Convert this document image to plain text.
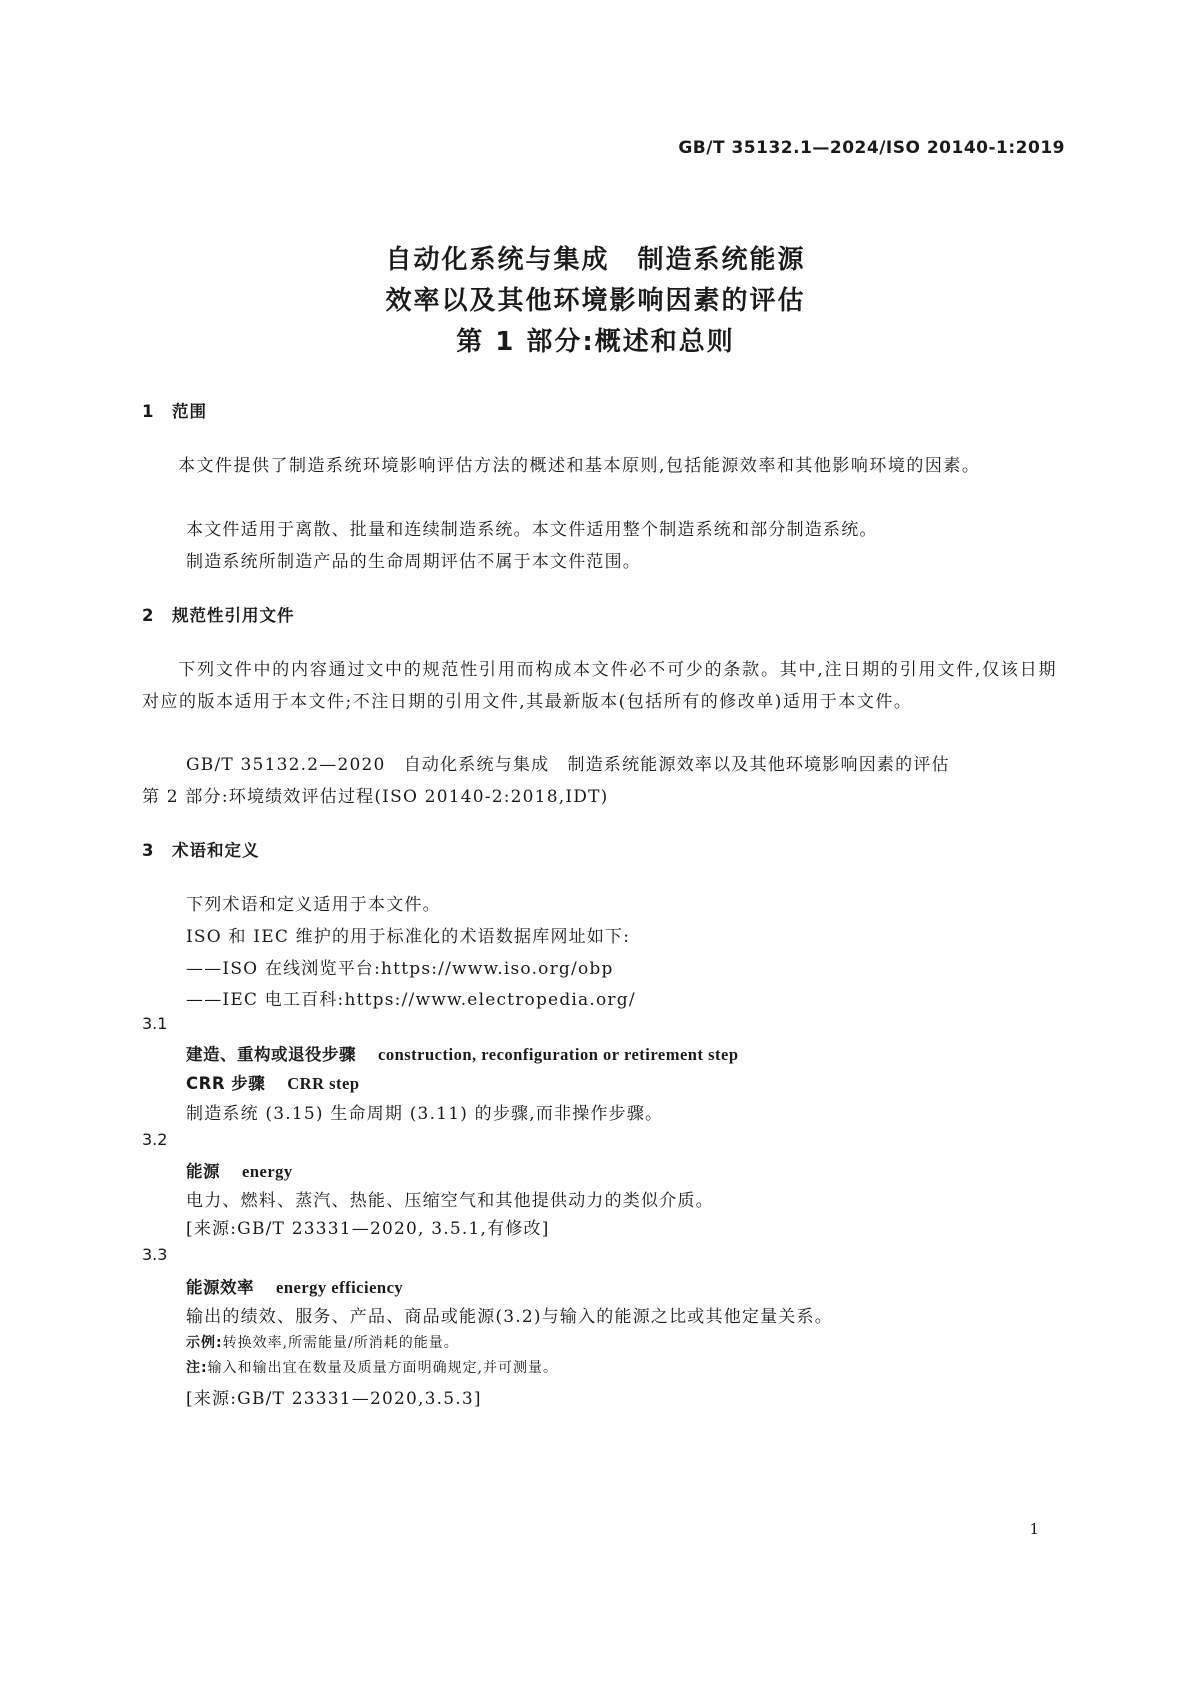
GB/T 35132.1—2024/ISO 20140-1:2019
自动化系统与集成　制造系统能源
效率以及其他环境影响因素的评估
第 1 部分:概述和总则
1 范围
本文件提供了制造系统环境影响评估方法的概述和基本原则,包括能源效率和其他影响环境的因素。
本文件适用于离散、批量和连续制造系统。本文件适用整个制造系统和部分制造系统。
制造系统所制造产品的生命周期评估不属于本文件范围。
2 规范性引用文件
下列文件中的内容通过文中的规范性引用而构成本文件必不可少的条款。其中,注日期的引用文件,仅该日期对应的版本适用于本文件;不注日期的引用文件,其最新版本(包括所有的修改单)适用于本文件。
GB/T 35132.2—2020　自动化系统与集成　制造系统能源效率以及其他环境影响因素的评估
第 2 部分:环境绩效评估过程(ISO 20140-2:2018,IDT)
3 术语和定义
下列术语和定义适用于本文件。
ISO 和 IEC 维护的用于标准化的术语数据库网址如下:
——ISO 在线浏览平台:https://www.iso.org/obp
——IEC 电工百科:https://www.electropedia.org/
3.1
建造、重构或退役步骤 construction, reconfiguration or retirement step
CRR 步骤 CRR step
制造系统 (3.15) 生命周期 (3.11) 的步骤,而非操作步骤。
3.2
能源 energy
电力、燃料、蒸汽、热能、压缩空气和其他提供动力的类似介质。
[来源:GB/T 23331—2020, 3.5.1,有修改]
3.3
能源效率 energy efficiency
输出的绩效、服务、产品、商品或能源(3.2)与输入的能源之比或其他定量关系。
示例:转换效率,所需能量/所消耗的能量。
注:输入和输出宜在数量及质量方面明确规定,并可测量。
[来源:GB/T 23331—2020,3.5.3]
1
